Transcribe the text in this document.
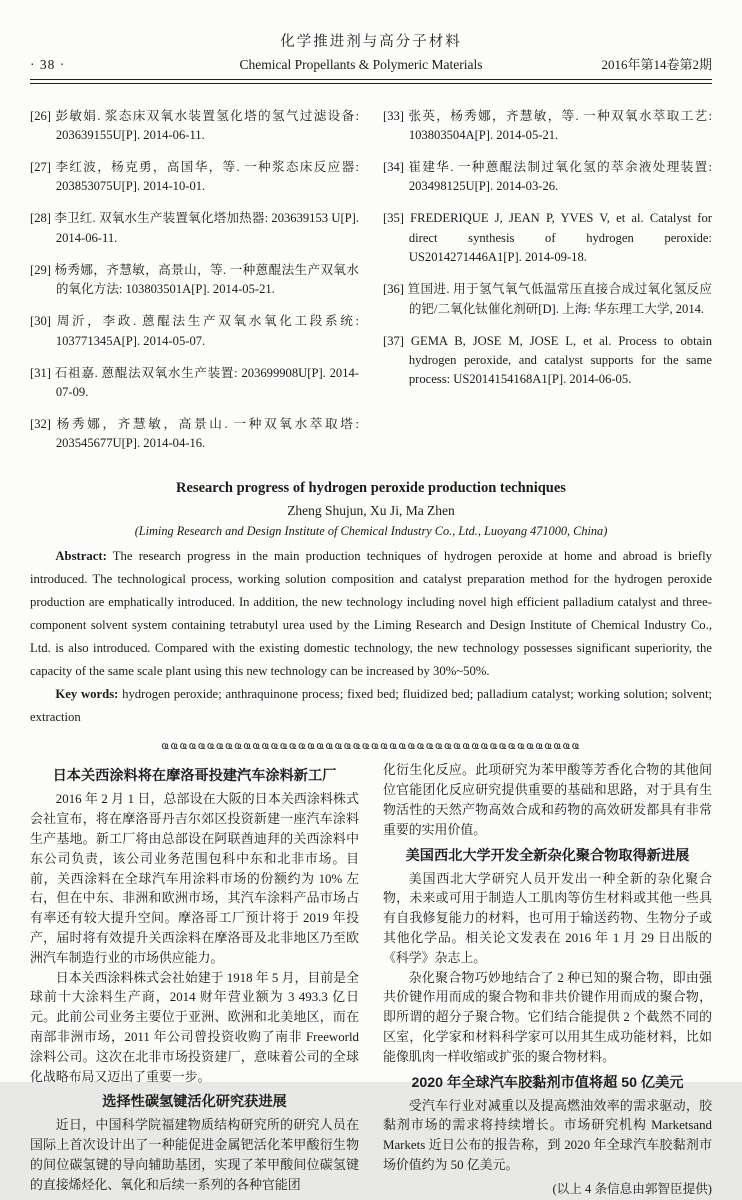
化学推进剂与高分子材料
· 38 ·	Chemical Propellants & Polymeric Materials	2016年第14卷第2期

[26] 彭敏娟. 浆态床双氧水装置氢化塔的氢气过滤设备: 203639155U[P]. 2014-06-11.

[27] 李红波，杨克勇，高国华，等. 一种浆态床反应器: 203853075U[P]. 2014-10-01.

[28] 李卫红. 双氧水生产装置氧化塔加热器: 203639153 U[P]. 2014-06-11.

[29] 杨秀娜，齐慧敏，高景山，等. 一种蒽醌法生产双氧水的氧化方法: 103803501A[P]. 2014-05-21.

[30] 周沂，李政. 蒽醌法生产双氧水氧化工段系统: 103771345A[P]. 2014-05-07.

[31] 石祖嘉. 蒽醌法双氧水生产装置: 203699908U[P]. 2014-07-09.

[32] 杨秀娜，齐慧敏，高景山. 一种双氧水萃取塔: 203545677U[P]. 2014-04-16.

[33] 张英，杨秀娜，齐慧敏，等. 一种双氧水萃取工艺: 103803504A[P]. 2014-05-21.

[34] 崔建华. 一种蒽醌法制过氧化氢的萃余液处理装置: 203498125U[P]. 2014-03-26.

[35] FREDERIQUE J, JEAN P, YVES V, et al. Catalyst for direct synthesis of hydrogen peroxide: US2014271446A1[P]. 2014-09-18.

[36] 笪国进. 用于氢气氧气低温常压直接合成过氧化氢反应的钯/二氧化钛催化剂研[D]. 上海: 华东理工大学, 2014.

[37] GEMA B, JOSE M, JOSE L, et al. Process to obtain hydrogen peroxide, and catalyst supports for the same process: US2014154168A1[P]. 2014-06-05.

Research progress of hydrogen peroxide production techniques

Zheng Shujun, Xu Ji, Ma Zhen

(Liming Research and Design Institute of Chemical Industry Co., Ltd., Luoyang 471000, China)

Abstract: The research progress in the main production techniques of hydrogen peroxide at home and abroad is briefly introduced. The technological process, working solution composition and catalyst preparation method for the hydrogen peroxide production are emphatically introduced. In addition, the new technology including novel high efficient palladium catalyst and three-component solvent system containing tetrabutyl urea used by the Liming Research and Design Institute of Chemical Industry Co., Ltd. is also introduced. Compared with the existing domestic technology, the new technology possesses significant superiority, the capacity of the same scale plant using this new technology can be increased by 30%~50%.

Key words: hydrogen peroxide; anthraquinone process; fixed bed; fluidized bed; palladium catalyst; working solution; solvent; extraction

ҩҩҩҩҩҩҩҩҩҩҩҩҩҩҩҩҩҩҩҩҩҩҩҩҩҩҩҩҩҩҩҩҩҩҩҩҩҩҩҩҩҩҩҩҩҩ

日本关西涂料将在摩洛哥投建汽车涂料新工厂

2016 年 2 月 1 日，总部设在大阪的日本关西涂料株式会社宣布，将在摩洛哥丹吉尔郊区投资新建一座汽车涂料生产基地。新工厂将由总部设在阿联酋迪拜的关西涂料中东公司负责，该公司业务范围包科中东和北非市场。目前，关西涂料在全球汽车用涂料市场的份额约为 10% 左右，但在中东、非洲和欧洲市场，其汽车涂料产品市场占有率还有较大提升空间。摩洛哥工厂预计将于 2019 年投产，届时将有效提升关西涂料在摩洛哥及北非地区乃至欧洲汽车制造行业的市场供应能力。

日本关西涂料株式会社始建于 1918 年 5 月，目前是全球前十大涂料生产商，2014 财年营业额为 3 493.3 亿日元。此前公司业务主要位于亚洲、欧洲和北美地区，而在南部非洲市场，2011 年公司曾投资收购了南非 Freeworld 涂料公司。这次在北非市场投资建厂，意味着公司的全球化战略布局又迈出了重要一步。

选择性碳氢键活化研究获进展

近日，中国科学院福建物质结构研究所的研究人员在国际上首次设计出了一种能促进金属钯活化苯甲酸衍生物的间位碳氢键的导向辅助基团，实现了苯甲酸间位碳氢键的直接烯烃化、氧化和后续一系列的各种官能团

化衍生化反应。此项研究为苯甲酸等芳香化合物的其他间位官能团化反应研究提供重要的基础和思路，对于具有生物活性的天然产物高效合成和药物的高效研发都具有非常重要的实用价值。

美国西北大学开发全新杂化聚合物取得新进展

美国西北大学研究人员开发出一种全新的杂化聚合物，未来或可用于制造人工肌肉等仿生材料或其他一些具有自我修复能力的材料，也可用于输送药物、生物分子或其他化学品。相关论文发表在 2016 年 1 月 29 日出版的《科学》杂志上。

杂化聚合物巧妙地结合了 2 种已知的聚合物，即由强共价键作用而成的聚合物和非共价键作用而成的聚合物，即所谓的超分子聚合物。它们结合能提供 2 个截然不同的区室，化学家和材料科学家可以用其生成功能材料，比如能像肌肉一样收缩或扩张的聚合物材料。

2020 年全球汽车胶黏剂市值将超 50 亿美元

受汽车行业对减重以及提高燃油效率的需求驱动，胶黏剂市场的需求将持续增长。市场研究机构 Marketsand Markets 近日公布的报告称，到 2020 年全球汽车胶黏剂市场价值约为 50 亿美元。

(以上 4 条信息由郭智臣提供)
